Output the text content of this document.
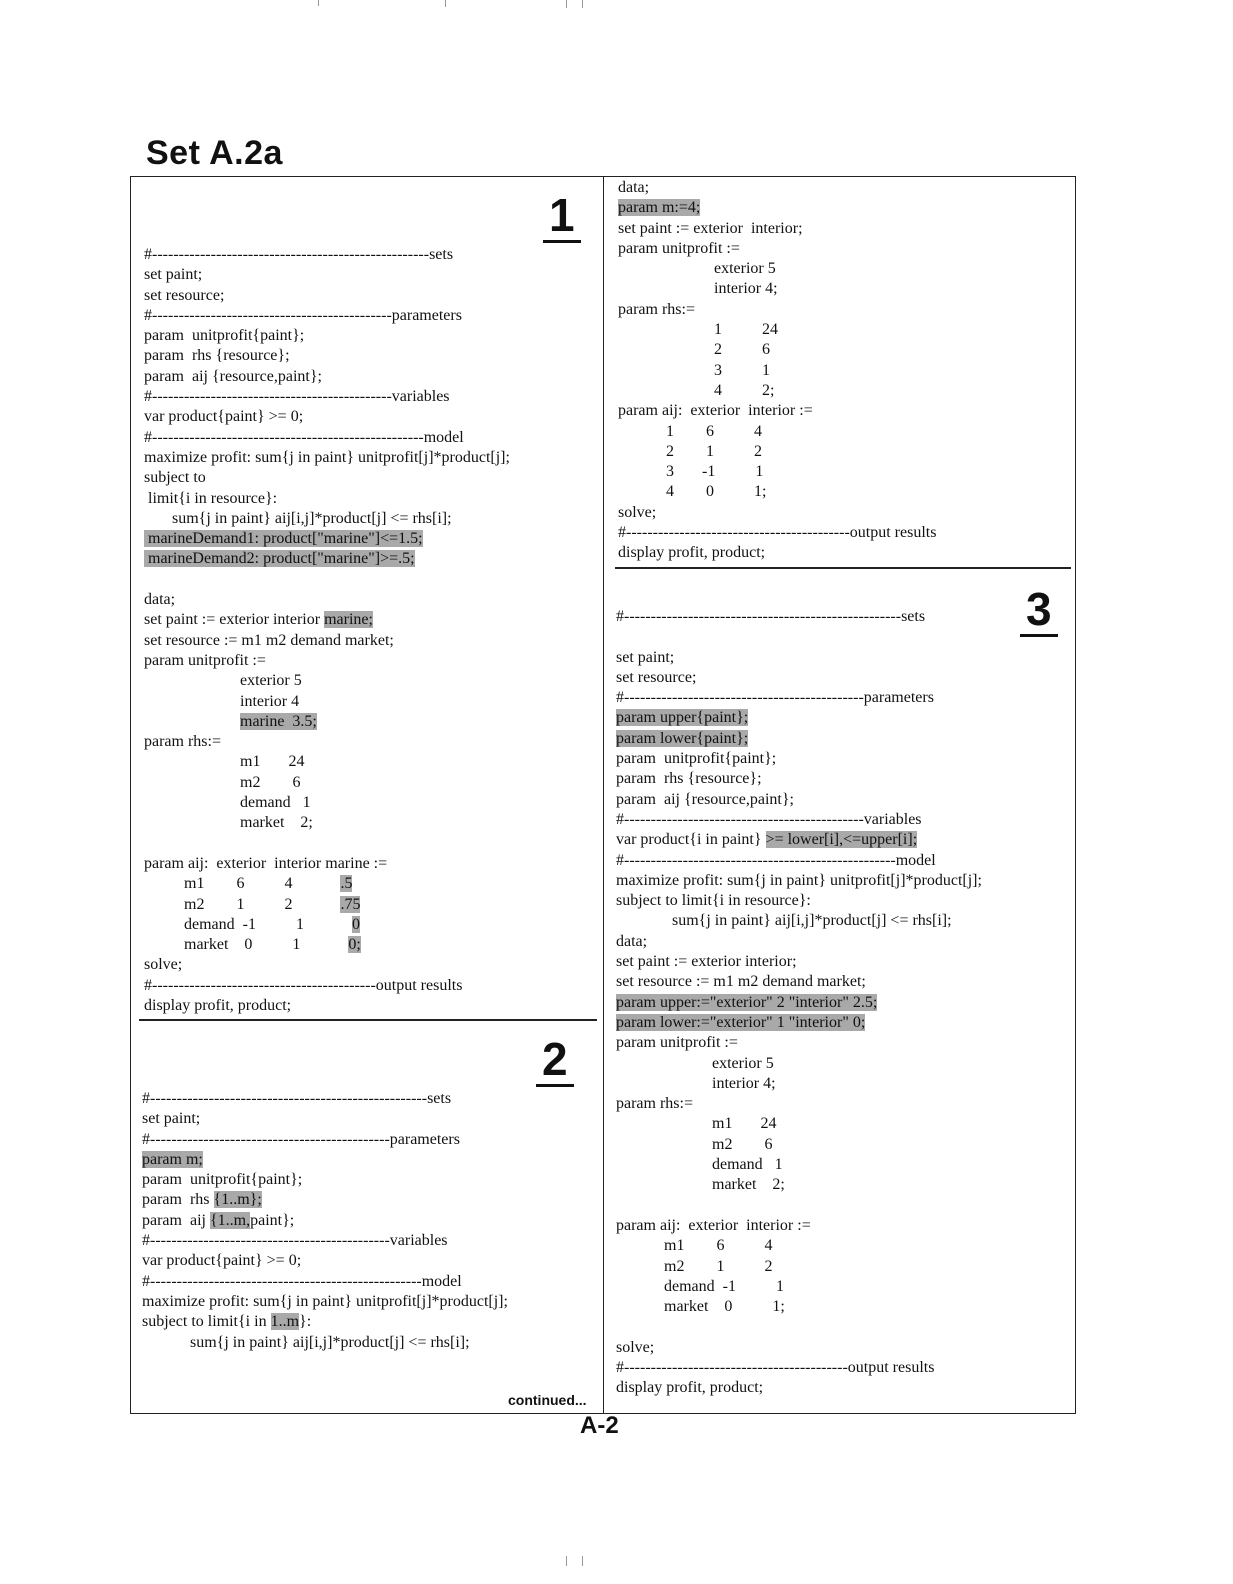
Set A.2a
1
2
3
#----------------------------------------------------sets
set paint;
set resource;
#---------------------------------------------parameters
param  unitprofit{paint};
param  rhs {resource};
param  aij {resource,paint};
#---------------------------------------------variables
var product{paint} >= 0;
#---------------------------------------------------model
maximize profit: sum{j in paint} unitprofit[j]*product[j];
subject to
limit{i in resource}:
sum{j in paint} aij[i,j]*product[j] <= rhs[i];
marineDemand1: product["marine"]<=1.5;
marineDemand2: product["marine"]>=.5;
data;
set paint := exterior interior marine;
set resource := m1 m2 demand market;
param unitprofit :=
exterior 5
interior 4
marine  3.5;
param rhs:=
m1       24
m2        6
demand   1
market    2;
param aij:  exterior  interior marine :=
m1        6          4            .5
m2        1          2            .75
demand  -1          1            0
market    0          1            0;
solve;
#------------------------------------------output results
display profit, product;
#----------------------------------------------------sets
set paint;
#---------------------------------------------parameters
param m;
param  unitprofit{paint};
param  rhs {1..m};
param  aij {1..m,paint};
#---------------------------------------------variables
var product{paint} >= 0;
#---------------------------------------------------model
maximize profit: sum{j in paint} unitprofit[j]*product[j];
subject to limit{i in 1..m}:
sum{j in paint} aij[i,j]*product[j] <= rhs[i];
data;
param m:=4;
set paint := exterior  interior;
param unitprofit :=
exterior 5
interior 4;
param rhs:=
1          24
2          6
3          1
4          2;
param aij:  exterior  interior :=
1        6          4
2        1          2
3       -1          1
4        0          1;
solve;
#------------------------------------------output results
display profit, product;
#----------------------------------------------------sets
set paint;
set resource;
#---------------------------------------------parameters
param upper{paint};
param lower{paint};
param  unitprofit{paint};
param  rhs {resource};
param  aij {resource,paint};
#---------------------------------------------variables
var product{i in paint} >= lower[i],<=upper[i];
#---------------------------------------------------model
maximize profit: sum{j in paint} unitprofit[j]*product[j];
subject to limit{i in resource}:
sum{j in paint} aij[i,j]*product[j] <= rhs[i];
data;
set paint := exterior interior;
set resource := m1 m2 demand market;
param upper:="exterior" 2 "interior" 2.5;
param lower:="exterior" 1 "interior" 0;
param unitprofit :=
exterior 5
interior 4;
param rhs:=
m1       24
m2        6
demand   1
market    2;
param aij:  exterior  interior :=
m1        6          4
m2        1          2
demand  -1          1
market    0          1;
solve;
#------------------------------------------output results
display profit, product;
continued...
A-2
